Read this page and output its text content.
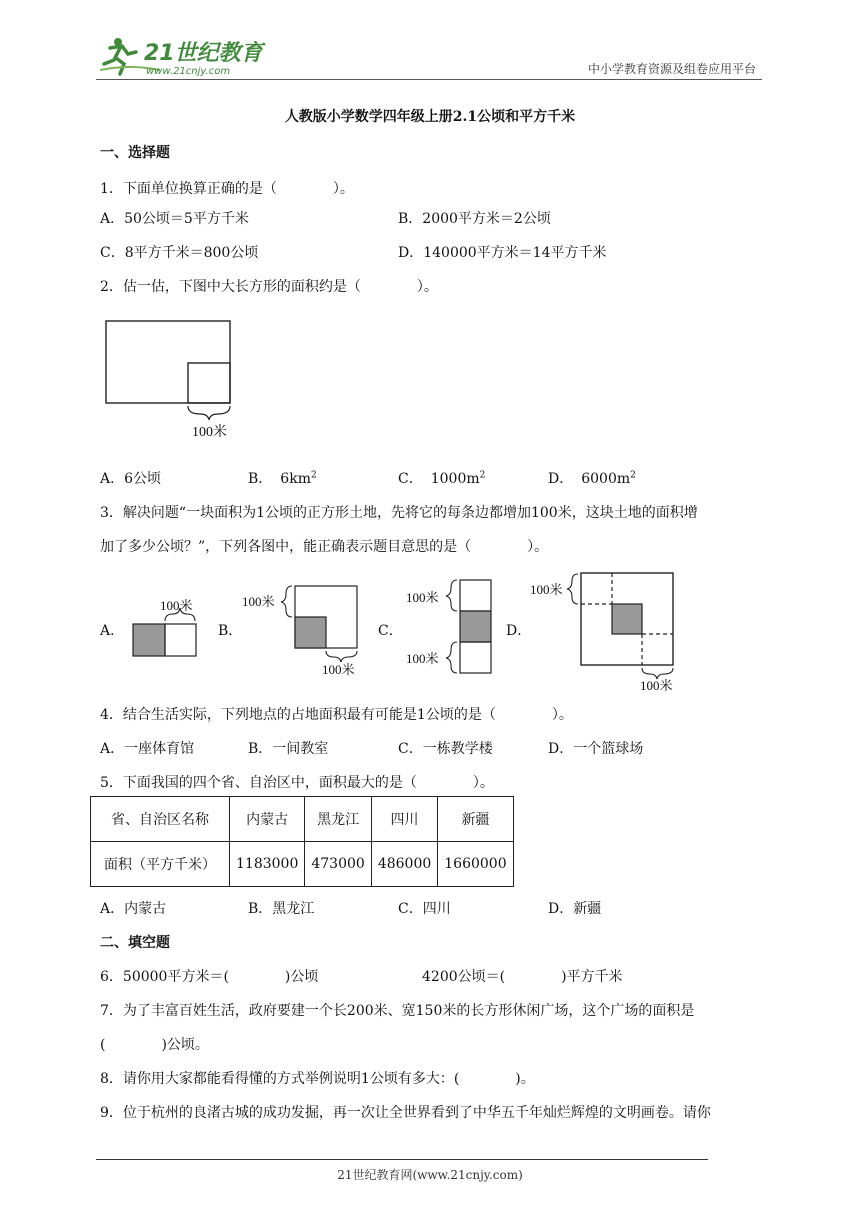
21世纪教育
www.21cnjy.com	中小学教育资源及组卷应用平台
人教版小学数学四年级上册2.1公顷和平方千米
一、选择题
1．下面单位换算正确的是（　　　　）。
A．50公顷＝5平方千米	B．2000平方米＝2公顷
C．8平方千米＝800公顷	D．140000平方米＝14平方千米
2．估一估，下图中大长方形的面积约是（　　　　）。
100米
A．6公顷	B． $6km^2$	C． $1000m^2$	D． $6000m^2$
3．解决问题“一块面积为1公顷的正方形土地，先将它的每条边都增加100米，这块土地的面积增
加了多少公顷？”，下列各图中，能正确表示题目意思的是（　　　　）。
A．
100米
B．
100米
100米
C．
100米
100米
D．
100米
100米
4．结合生活实际，下列地点的占地面积最有可能是1公顷的是（　　　　）。
A．一座体育馆	B．一间教室	C．一栋教学楼	D．一个篮球场
5．下面我国的四个省、自治区中，面积最大的是（　　　　）。
省、自治区名称	内蒙古	黑龙江	四川	新疆
面积（平方千米）	1183000	473000	486000	1660000
A．内蒙古	B．黑龙江	C．四川	D．新疆
二、填空题
6．50000平方米＝(　　　　)公顷	4200公顷＝(　　　　)平方千米
7．为了丰富百姓生活，政府要建一个长200米、宽150米的长方形休闲广场，这个广场的面积是
(　　　　)公顷。
8．请你用大家都能看得懂的方式举例说明1公顷有多大：(　　　　)。
9．位于杭州的良渚古城的成功发掘，再一次让全世界看到了中华五千年灿烂辉煌的文明画卷。请你
21世纪教育网(www.21cnjy.com)
